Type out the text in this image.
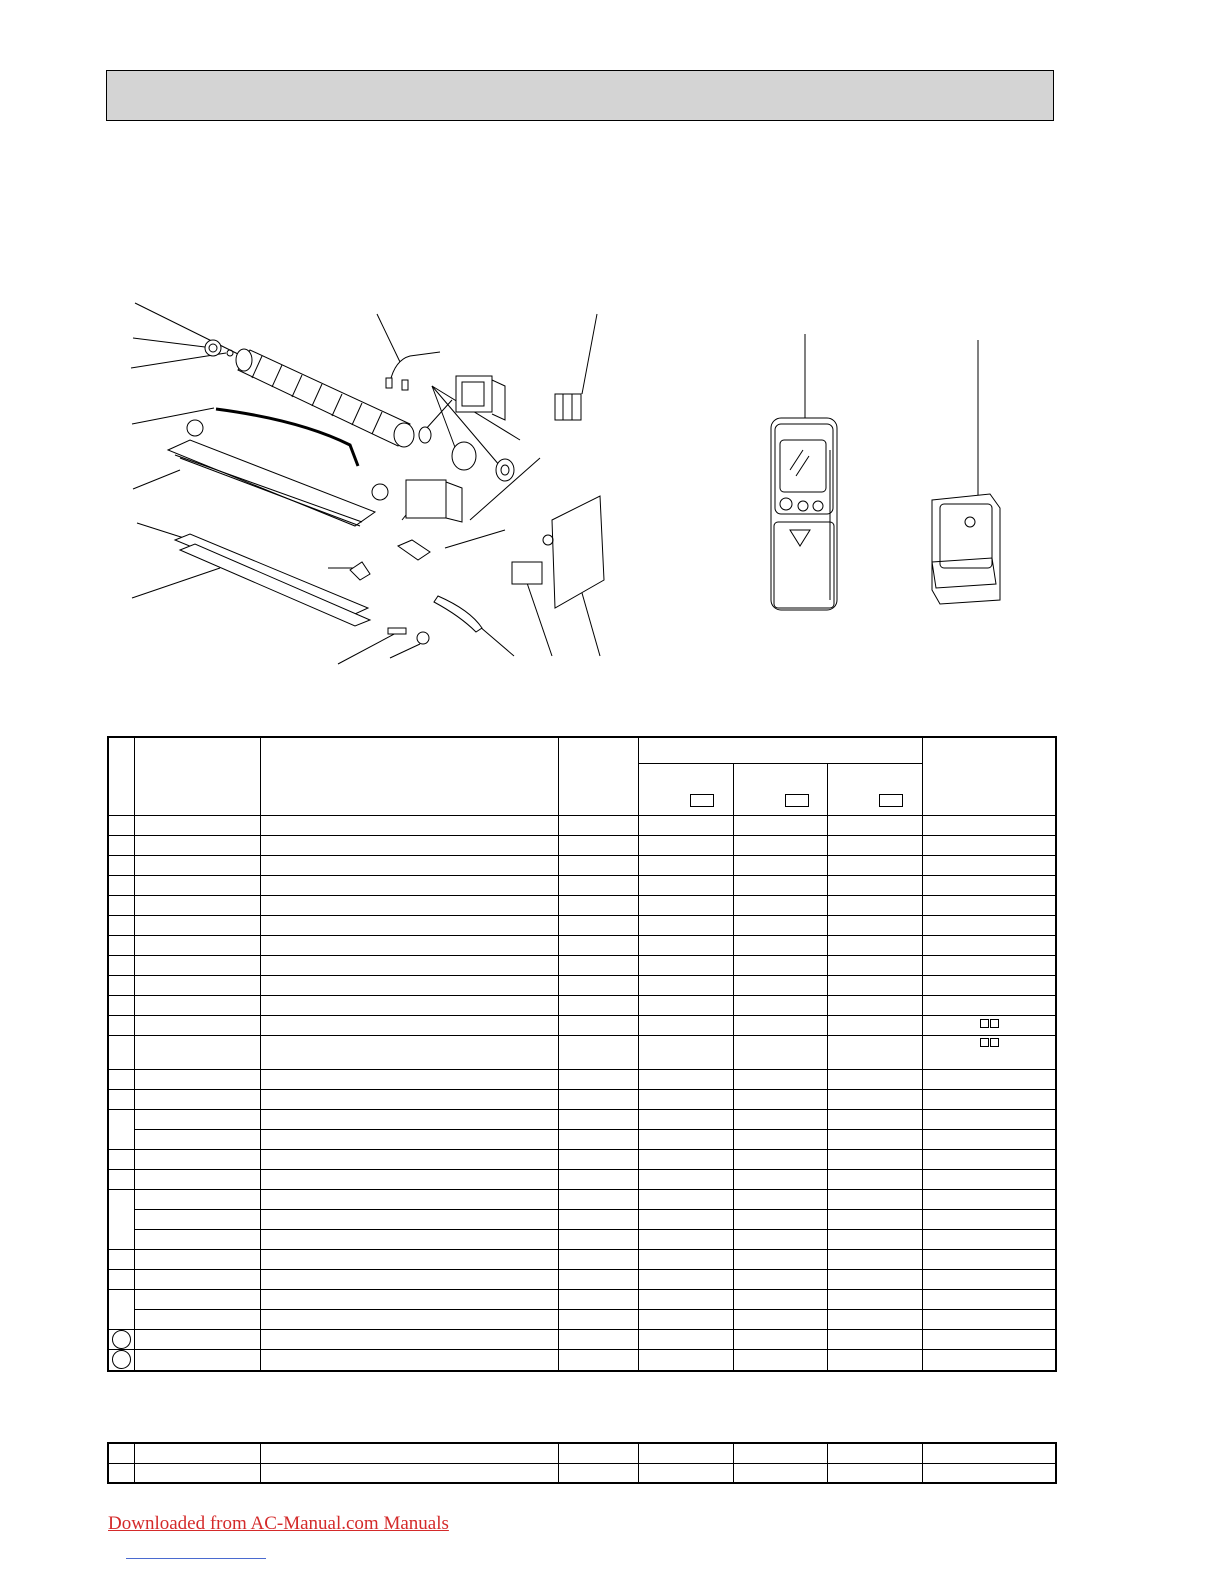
Downloaded from AC-Manual.com Manuals
